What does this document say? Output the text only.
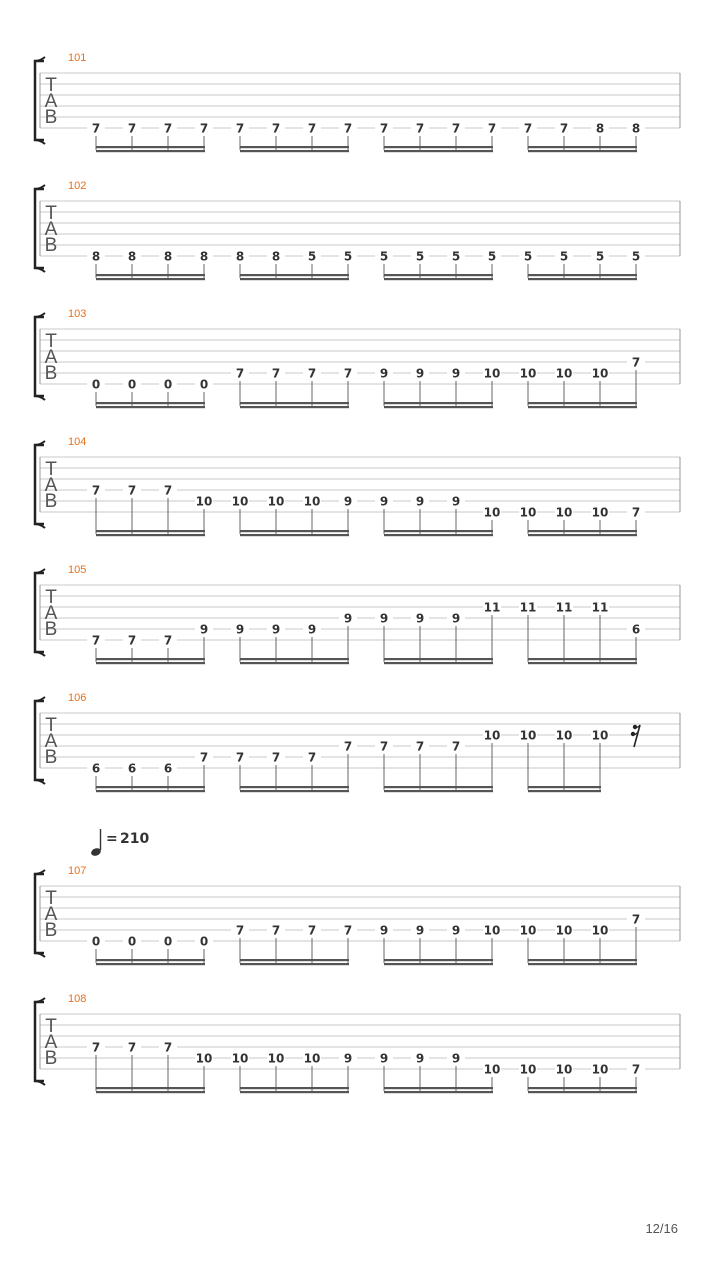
T
A
B
101
7 7 7 7 7 7 7 7 7 7 7 7 7 7 8 8
T
A
B
102
8 8 8 8 8 8 5 5 5 5 5 5 5 5 5 5
T
A
B
103
0 0 0 0
7 7 7 7 9 9 9 10 10 10 10
7
T
A
B
104
7 7 7
10 10 10 10 9 9 9 9
10 10 10 10 7
T
A
B
105
7 7 7
9 9 9 9
9 9 9 9
11 11 11 11
6
T
A
B
106
6 6 6
7 7 7 7
7 7 7 7
10 10 10 10
T
A
B
107
0 0 0 0
7 7 7 7 9 9 9 10 10 10 10
7
T
A
B
108
7 7 7
10 10 10 10 9 9 9 9
10 10 10 10 7
= 210
12/16
